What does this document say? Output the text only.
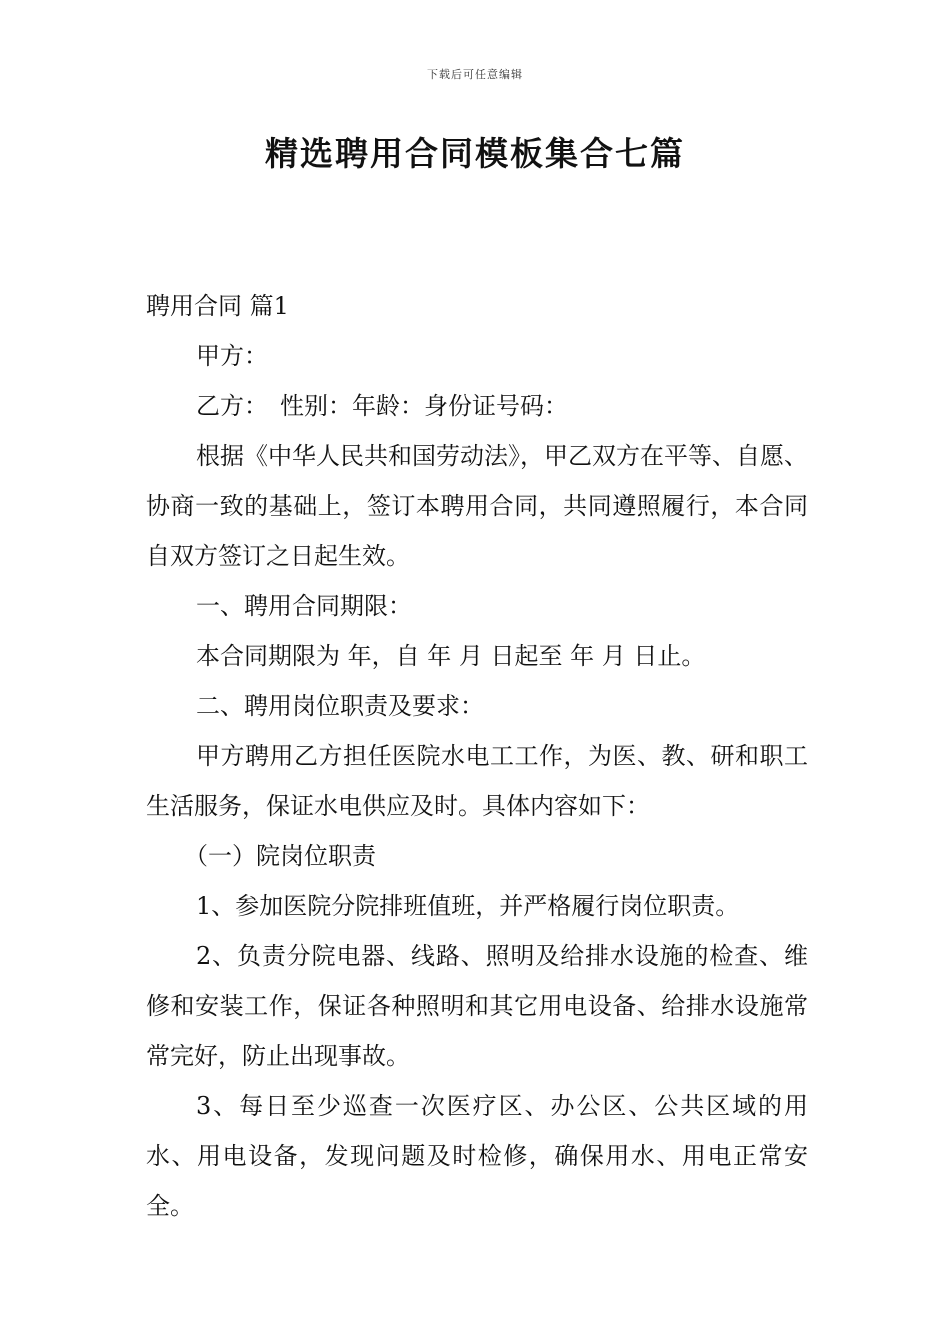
下载后可任意编辑
精选聘用合同模板集合七篇

聘用合同 篇1

甲方：

乙方：　性别：年龄：身份证号码：

根据《中华人民共和国劳动法》，甲乙双方在平等、自愿、协商一致的基础上，签订本聘用合同，共同遵照履行，本合同自双方签订之日起生效。

一、聘用合同期限：

本合同期限为 年，自 年 月 日起至 年 月 日止。

二、聘用岗位职责及要求：

甲方聘用乙方担任医院水电工工作，为医、教、研和职工生活服务，保证水电供应及时。具体内容如下：

（一）院岗位职责

1、参加医院分院排班值班，并严格履行岗位职责。

2、负责分院电器、线路、照明及给排水设施的检查、维修和安装工作，保证各种照明和其它用电设备、给排水设施常常完好，防止出现事故。

3、每日至少巡查一次医疗区、办公区、公共区域的用水、用电设备，发现问题及时检修，确保用水、用电正常安全。
